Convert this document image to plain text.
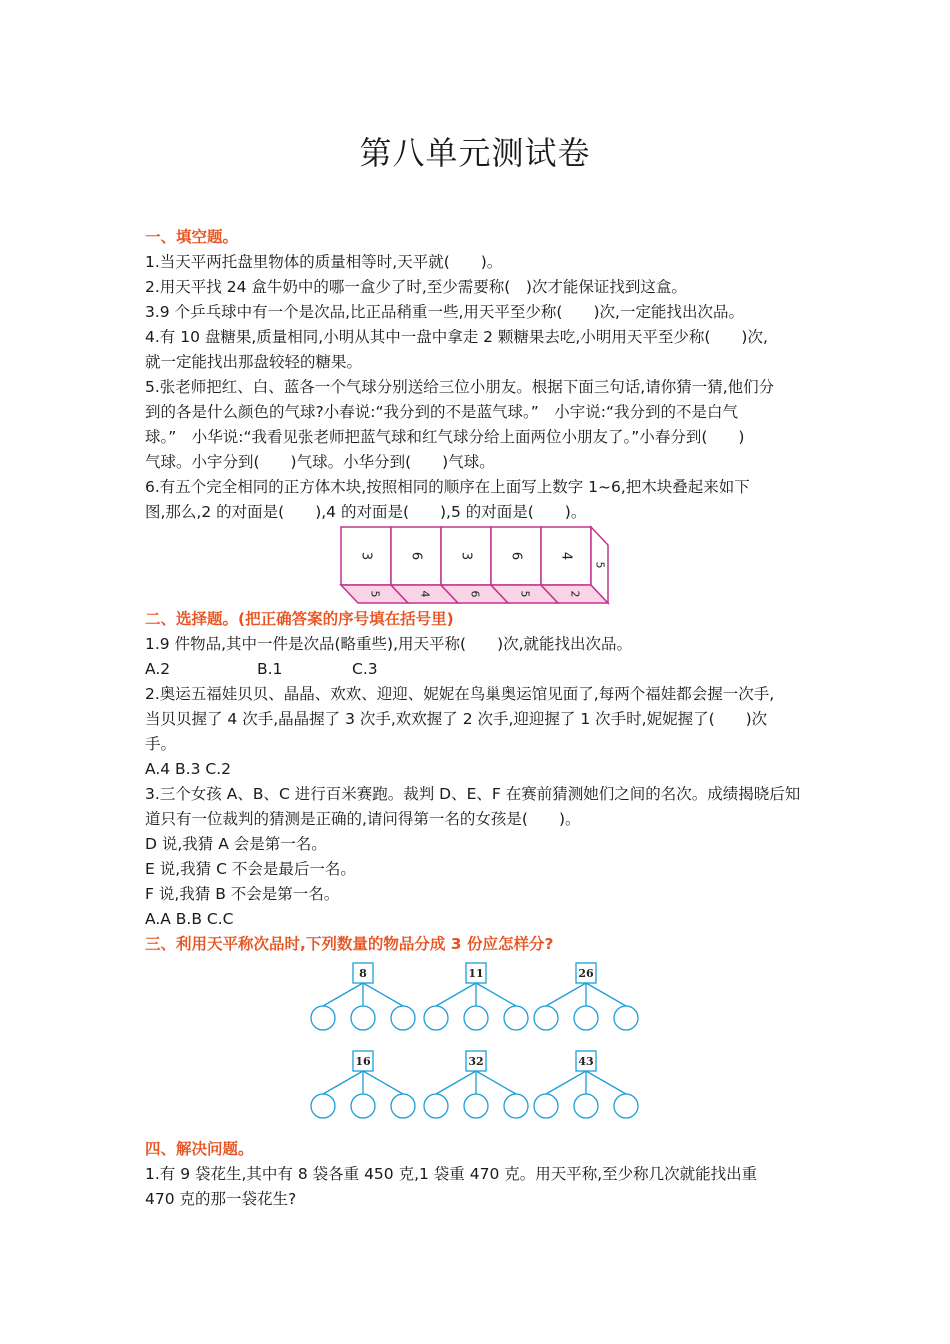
第八单元测试卷

一、填空题。

1.当天平两托盘里物体的质量相等时,天平就(　　)。

2.用天平找 24 盒牛奶中的哪一盒少了时,至少需要称(　)次才能保证找到这盒。

3.9 个乒乓球中有一个是次品,比正品稍重一些,用天平至少称(　　)次,一定能找出次品。

4.有 10 盘糖果,质量相同,小明从其中一盘中拿走 2 颗糖果去吃,小明用天平至少称(　　)次,

就一定能找出那盘较轻的糖果。

5.张老师把红、白、蓝各一个气球分别送给三位小朋友。根据下面三句话,请你猜一猜,他们分

到的各是什么颜色的气球?小春说:“我分到的不是蓝气球。”　小宇说:“我分到的不是白气

球。”　小华说:“我看见张老师把蓝气球和红气球分给上面两位小朋友了。”小春分到(　　)

气球。小宇分到(　　)气球。小华分到(　　)气球。

6.有五个完全相同的正方体木块,按照相同的顺序在上面写上数字 1~6,把木块叠起来如下

图,那么,2 的对面是(　　),4 的对面是(　　),5 的对面是(　　)。

3	6	3	6	4
5	4	6	5	2
5

二、选择题。(把正确答案的序号填在括号里)

1.9 件物品,其中一件是次品(略重些),用天平称(　　)次,就能找出次品。

A.2	B.1	C.3

2.奥运五福娃贝贝、晶晶、欢欢、迎迎、妮妮在鸟巢奥运馆见面了,每两个福娃都会握一次手,

当贝贝握了 4 次手,晶晶握了 3 次手,欢欢握了 2 次手,迎迎握了 1 次手时,妮妮握了(　　)次

手。

A.4 B.3 C.2

3.三个女孩 A、B、C 进行百米赛跑。裁判 D、E、F 在赛前猜测她们之间的名次。成绩揭晓后知

道只有一位裁判的猜测是正确的,请问得第一名的女孩是(　　)。

D 说,我猜 A 会是第一名。

E 说,我猜 C 不会是最后一名。

F 说,我猜 B 不会是第一名。

A.A B.B C.C

三、利用天平称次品时,下列数量的物品分成 3 份应怎样分?

8	11	26
16	32	43

四、解决问题。

1.有 9 袋花生,其中有 8 袋各重 450 克,1 袋重 470 克。用天平称,至少称几次就能找出重

470 克的那一袋花生?
